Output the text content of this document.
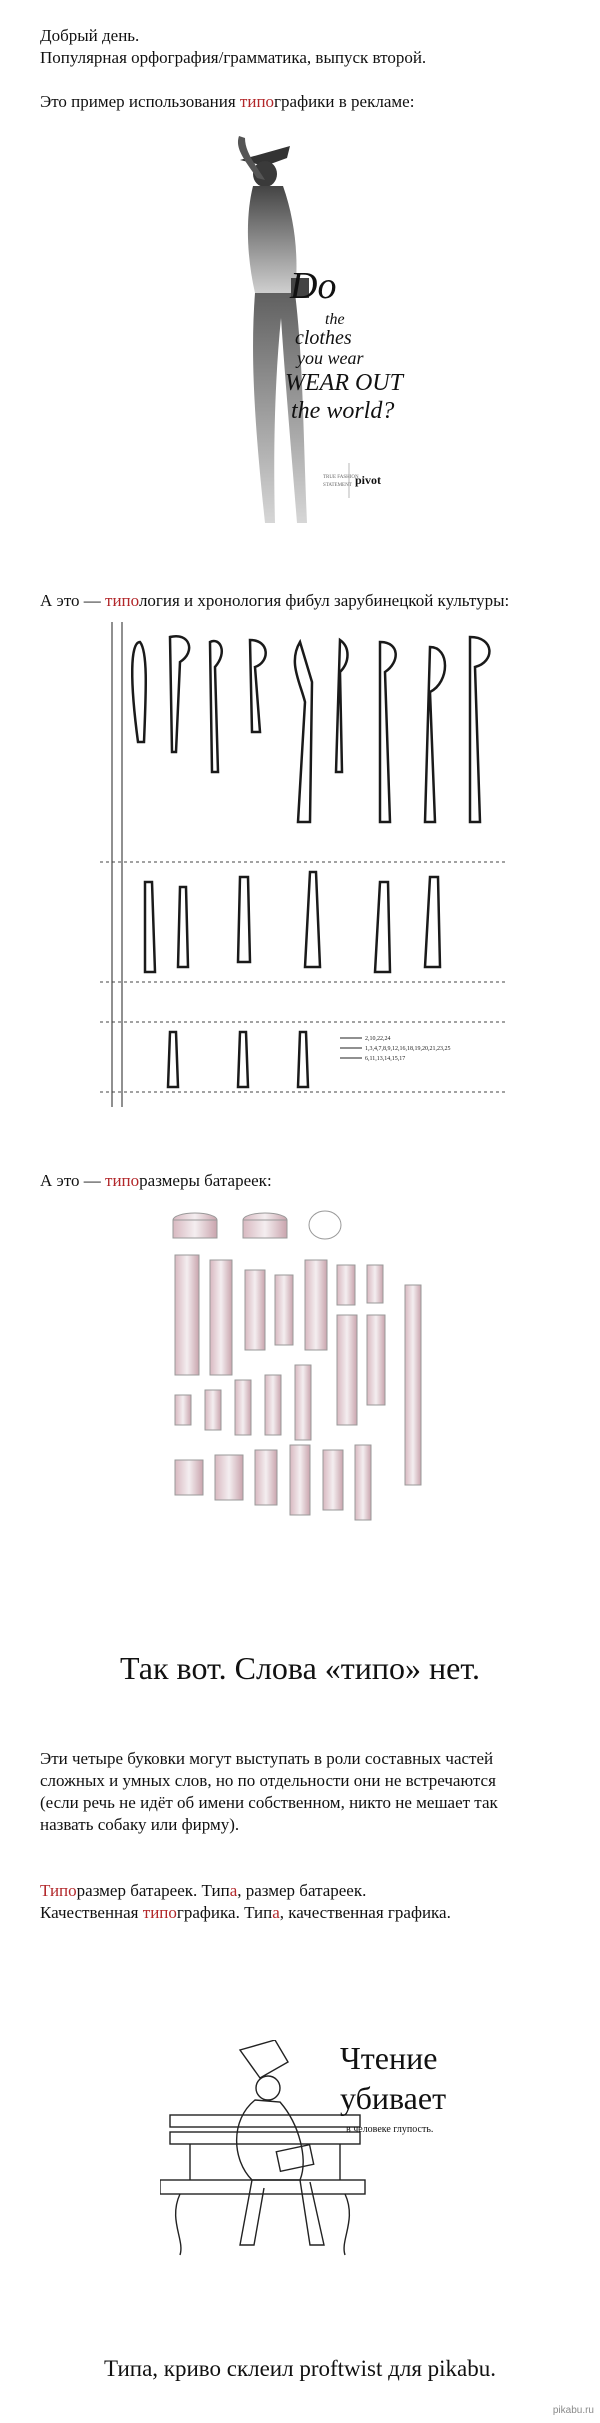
Добрый день.
Популярная орфография/грамматика, выпуск второй.
Это пример использования типографики в рекламе:
Do
the
clothes
you wear
WEAR OUT
the world?
TRUE FASHION
STATEMENT pivot
А это — типология и хронология фибул зарубинецкой культуры:
2,10,22,24
1,3,4,7,8,9,12,16,18,19,20,21,23,25
6,11,13,14,15,17
А это — типоразмеры батареек:
Так вот. Слова «типо» нет.
Эти четыре буковки могут выступать в роли составных частей
сложных и умных слов, но по отдельности они не встречаются
(если речь не идёт об имени собственном, никто не мешает так
назвать собаку или фирму).
Типоразмер батареек. Типа, размер батареек.
Качественная типографика. Типа, качественная графика.
Чтение
убивает
в человеке глупость.
Типа, криво склеил proftwist для pikabu.
pikabu.ru
